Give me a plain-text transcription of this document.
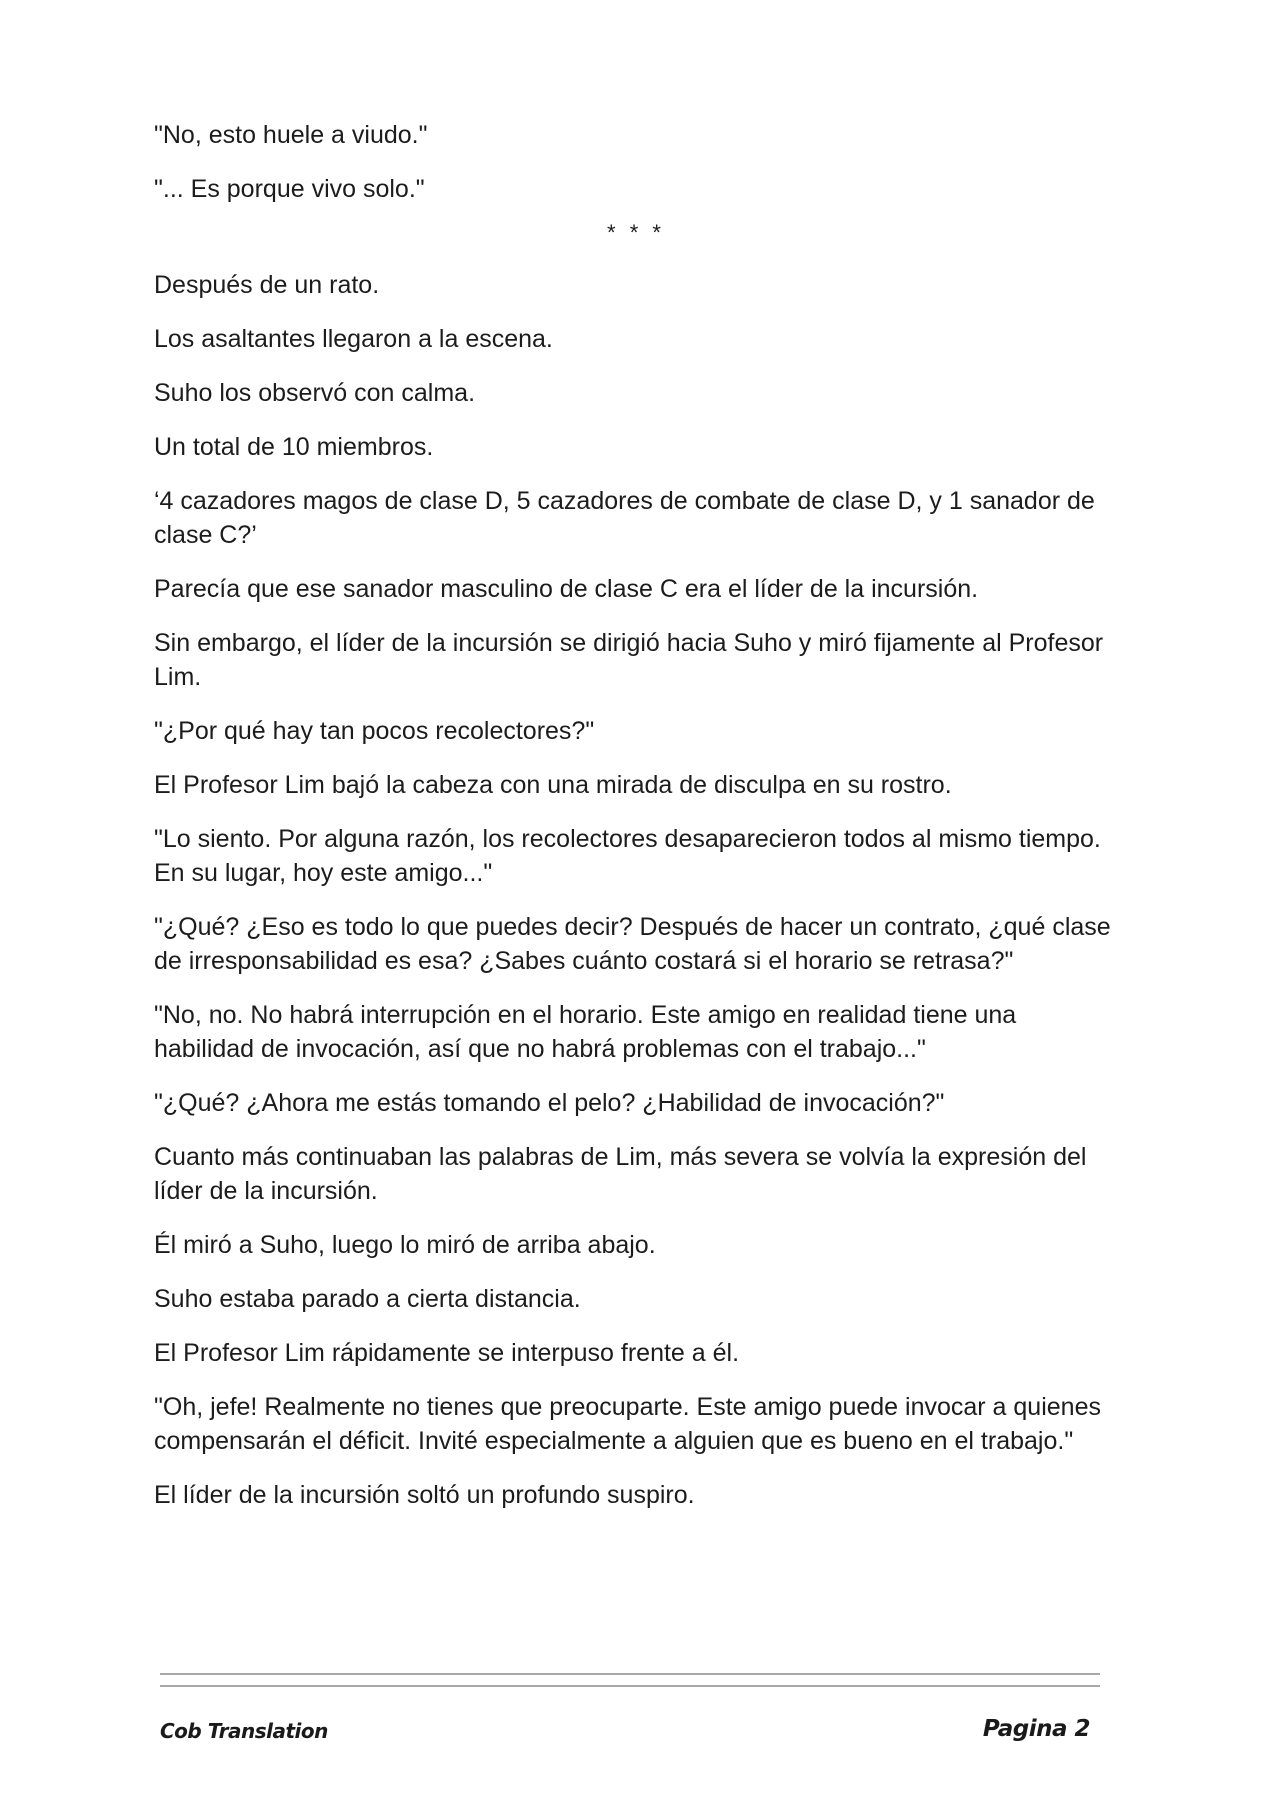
"No, esto huele a viudo."

"... Es porque vivo solo."

* * *

Después de un rato.

Los asaltantes llegaron a la escena.

Suho los observó con calma.

Un total de 10 miembros.

‘4 cazadores magos de clase D, 5 cazadores de combate de clase D, y 1 sanador de clase C?’

Parecía que ese sanador masculino de clase C era el líder de la incursión.

Sin embargo, el líder de la incursión se dirigió hacia Suho y miró fijamente al Profesor Lim.

"¿Por qué hay tan pocos recolectores?"

El Profesor Lim bajó la cabeza con una mirada de disculpa en su rostro.

"Lo siento. Por alguna razón, los recolectores desaparecieron todos al mismo tiempo. En su lugar, hoy este amigo..."

"¿Qué? ¿Eso es todo lo que puedes decir? Después de hacer un contrato, ¿qué clase de irresponsabilidad es esa? ¿Sabes cuánto costará si el horario se retrasa?"

"No, no. No habrá interrupción en el horario. Este amigo en realidad tiene una habilidad de invocación, así que no habrá problemas con el trabajo..."

"¿Qué? ¿Ahora me estás tomando el pelo? ¿Habilidad de invocación?"

Cuanto más continuaban las palabras de Lim, más severa se volvía la expresión del líder de la incursión.

Él miró a Suho, luego lo miró de arriba abajo.

Suho estaba parado a cierta distancia.

El Profesor Lim rápidamente se interpuso frente a él.

"Oh, jefe! Realmente no tienes que preocuparte. Este amigo puede invocar a quienes compensarán el déficit. Invité especialmente a alguien que es bueno en el trabajo."

El líder de la incursión soltó un profundo suspiro.

Cob Translation	Pagina 2
